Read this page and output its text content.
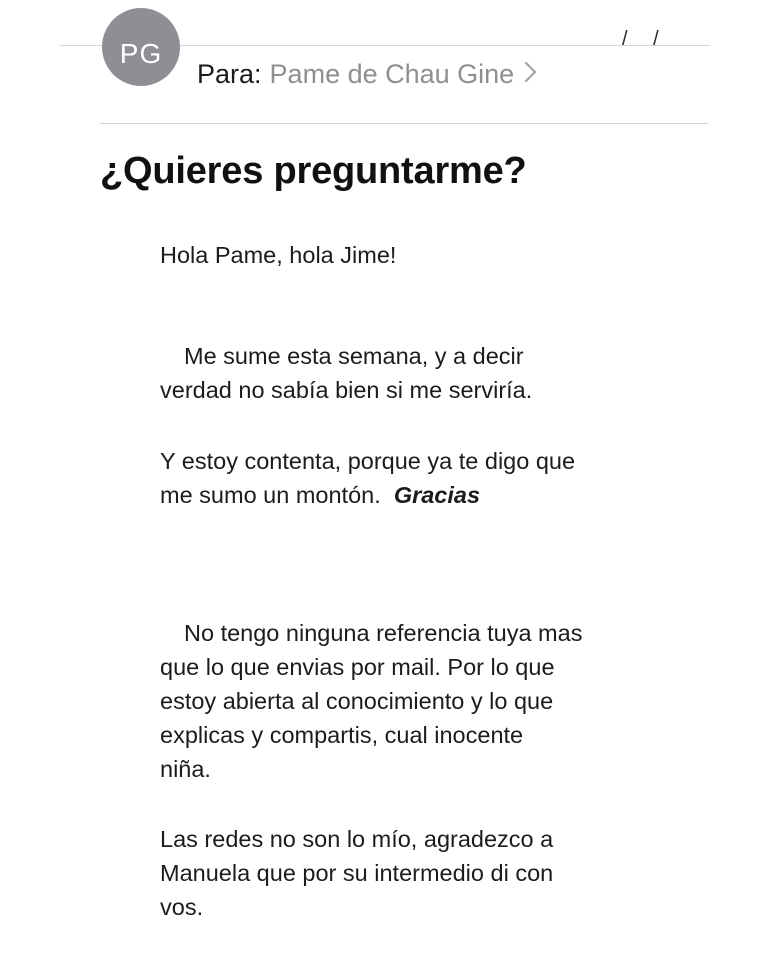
/ /
PG
Para: Pame de Chau Gine
¿Quieres preguntarme?

Hola Pame, hola Jime!

Me sume esta semana, y a decir

verdad no sabía bien si me serviría.

Y estoy contenta, porque ya te digo que

me sumo un montón. Gracias

No tengo ninguna referencia tuya mas

que lo que envias por mail. Por lo que

estoy abierta al conocimiento y lo que

explicas y compartis, cual inocente

niña.

Las redes no son lo mío, agradezco a

Manuela que por su intermedio di con

vos.
